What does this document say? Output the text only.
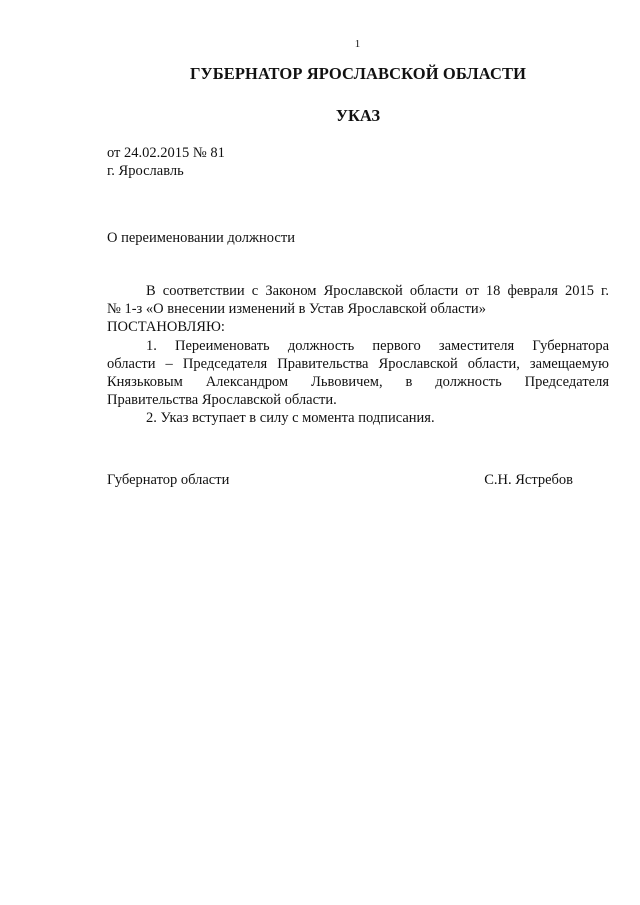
1
ГУБЕРНАТОР ЯРОСЛАВСКОЙ ОБЛАСТИ
УКАЗ
от 24.02.2015 № 81
г. Ярославль
О переименовании должности

В соответствии с Законом Ярославской области от 18 февраля 2015 г.

№ 1-з «О внесении изменений в Устав Ярославской области»

ПОСТАНОВЛЯЮ:

1. Переименовать должность первого заместителя Губернатора

области – Председателя Правительства Ярославской области, замещаемую

Князьковым Александром Львовичем, в должность Председателя

Правительства Ярославской области.

2. Указ вступает в силу с момента подписания.

Губернатор области	С.Н. Ястребов
